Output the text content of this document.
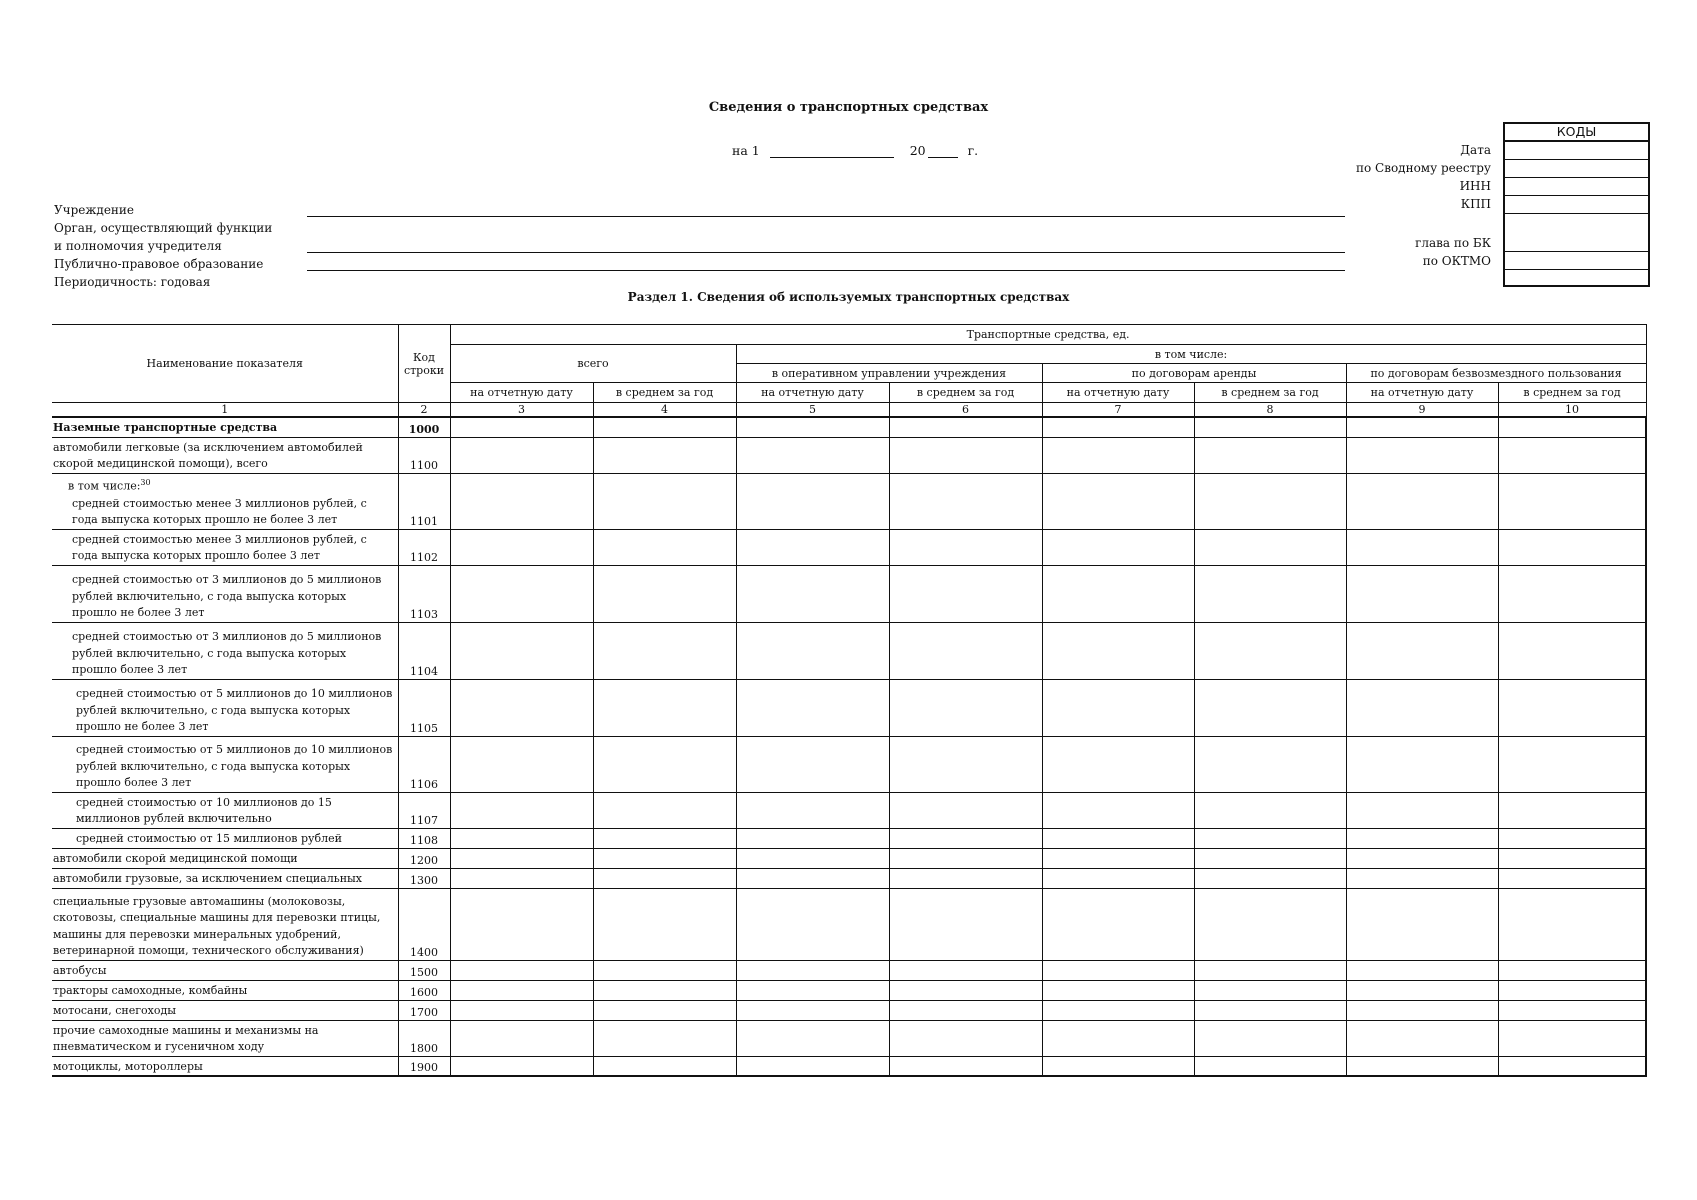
Сведения о транспортных средствах
на 1	20	г.
Учреждение
Орган, осуществляющий функции
и полномочия учредителя
Публично-правовое образование
Периодичность: годовая
Дата
по Сводному реестру
ИНН
КПП
глава по БК
по ОКТМО
КОДЫ
Раздел 1. Сведения об используемых транспортных средствах
Наименование показателя	Код строки	Транспортные средства, ед.							
		всего		в том числе:					
				в оперативном управлении учреждения		по договорам аренды		по договорам безвозмездного пользования	
		на отчетную дату	в среднем за год	на отчетную дату	в среднем за год	на отчетную дату	в среднем за год	на отчетную дату	в среднем за год
1	2	3	4	5	6	7	8	9	10
Наземные транспортные средства	1000								
автомобили легковые (за исключением автомобилей скорой медицинской помощи), всего	1100								

в том числе:$^{30}$
средней стоимостью менее 3 миллионов рублей, с года выпуска которых прошло не более 3 лет	1101								
средней стоимостью менее 3 миллионов рублей, с года выпуска которых прошло более 3 лет	1102								
средней стоимостью от 3 миллионов до 5 миллионов рублей включительно, с года выпуска которых прошло не более 3 лет	1103								
средней стоимостью от 3 миллионов до 5 миллионов рублей включительно, с года выпуска которых прошло более 3 лет	1104								
средней стоимостью от 5 миллионов до 10 миллионов рублей включительно, с года выпуска которых прошло не более 3 лет	1105								
средней стоимостью от 5 миллионов до 10 миллионов рублей включительно, с года выпуска которых прошло более 3 лет	1106								
средней стоимостью от 10 миллионов до 15 миллионов рублей включительно	1107								
средней стоимостью от 15 миллионов рублей	1108								
автомобили скорой медицинской помощи	1200								
автомобили грузовые, за исключением специальных	1300								
специальные грузовые автомашины (молоковозы, скотовозы, специальные машины для перевозки птицы, машины для перевозки минеральных удобрений, ветеринарной помощи, технического обслуживания)	1400								
автобусы	1500								
тракторы самоходные, комбайны	1600								
мотосани, снегоходы	1700								
прочие самоходные машины и механизмы на пневматическом и гусеничном ходу	1800								
мотоциклы, мотороллеры	1900								
